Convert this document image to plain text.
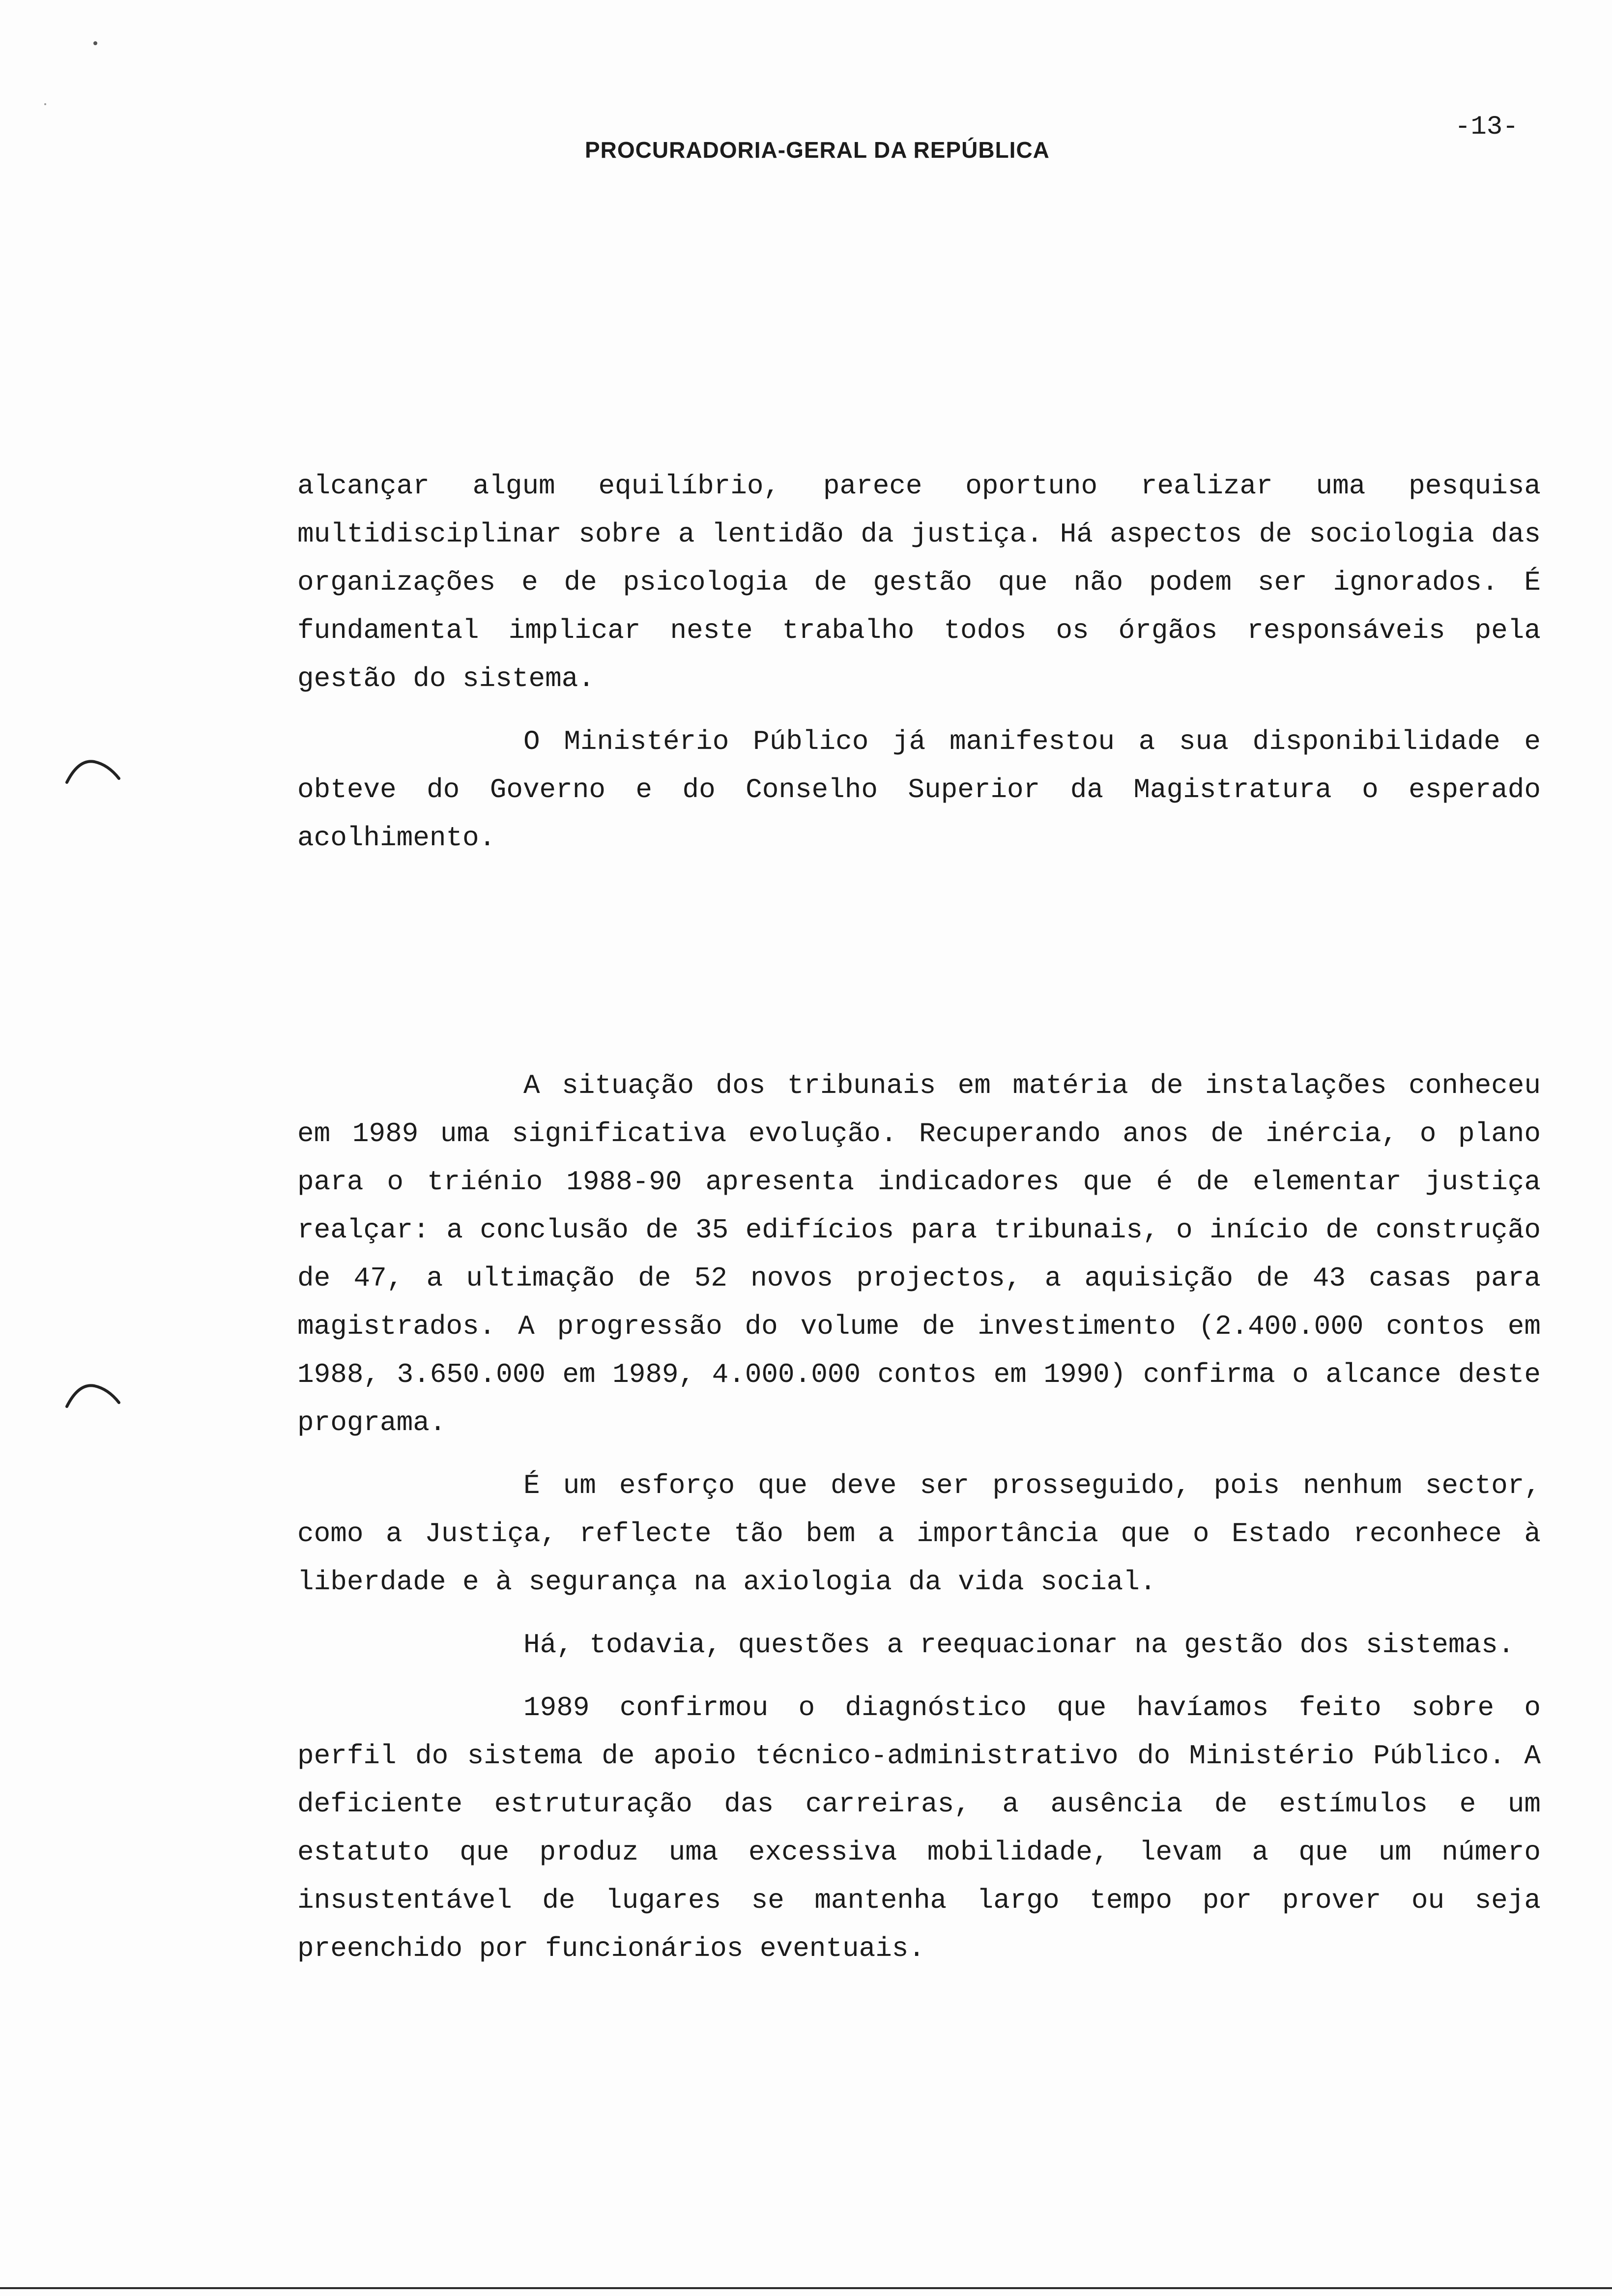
PROCURADORIA-GERAL DA REPÚBLICA
-13-

alcançar algum equilíbrio, parece oportuno realizar uma pesquisa multidisciplinar sobre a lentidão da justiça. Há aspectos de sociologia das organizações e de psicologia de gestão que não podem ser ignorados. É fundamental implicar neste trabalho todos os órgãos responsáveis pela gestão do sistema.

O Ministério Público já manifestou a sua disponibilidade e obteve do Governo e do Conselho Superior da Magistratura o esperado acolhimento.

A situação dos tribunais em matéria de instalações conheceu em 1989 uma significativa evolução. Recuperando anos de inércia, o plano para o triénio 1988-90 apresenta indicadores que é de elementar justiça realçar: a conclusão de 35 edifícios para tribunais, o início de construção de 47, a ultimação de 52 novos projectos, a aquisição de 43 casas para magistrados. A progressão do volume de investimento (2.400.000 contos em 1988, 3.650.000 em 1989, 4.000.000 contos em 1990) confirma o alcance deste programa.

É um esforço que deve ser prosseguido, pois nenhum sector, como a Justiça, reflecte tão bem a importância que o Estado reconhece à liberdade e à segurança na axiologia da vida social.

Há, todavia, questões a reequacionar na gestão dos sistemas.

1989 confirmou o diagnóstico que havíamos feito sobre o perfil do sistema de apoio técnico-administrativo do Ministério Público. A deficiente estruturação das carreiras, a ausência de estímulos e um estatuto que produz uma excessiva mobilidade, levam a que um número insustentável de lugares se mantenha largo tempo por prover ou seja preenchido por funcionários eventuais.
